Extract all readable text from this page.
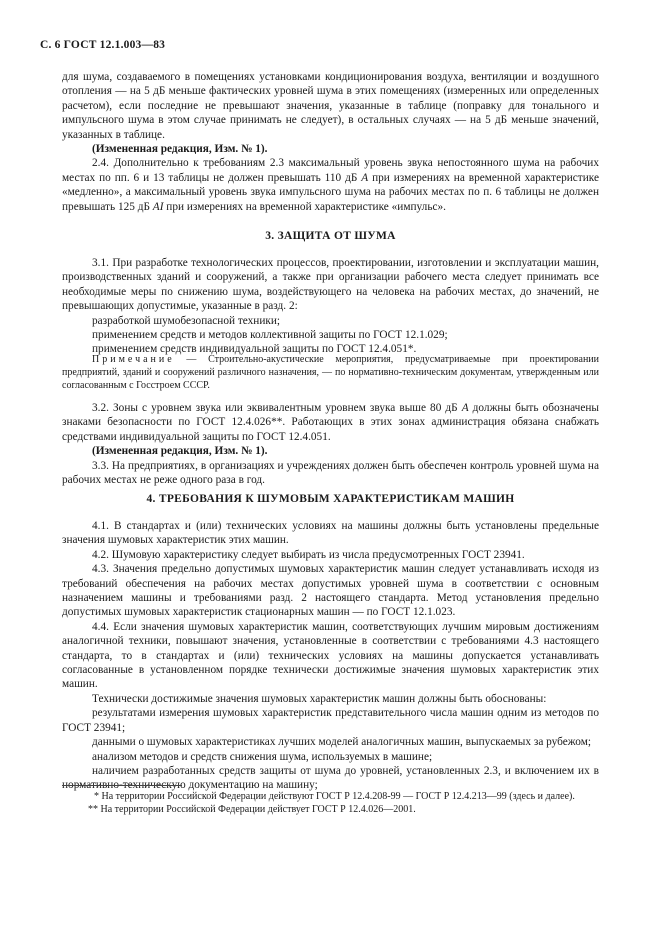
С. 6 ГОСТ 12.1.003—83

для шума, создаваемого в помещениях установками кондиционирования воздуха, вентиляции и воздушного отопления — на 5 дБ меньше фактических уровней шума в этих помещениях (измеренных или определенных расчетом), если последние не превышают значения, указанные в таблице (поправку для тонального и импульсного шума в этом случае принимать не следует), в остальных случаях — на 5 дБ меньше значений, указанных в таблице.

(Измененная редакция, Изм. № 1).

2.4. Дополнительно к требованиям 2.3 максимальный уровень звука непостоянного шума на рабочих местах по пп. 6 и 13 таблицы не должен превышать 110 дБ А при измерениях на временной характеристике «медленно», а максимальный уровень звука импульсного шума на рабочих местах по п. 6 таблицы не должен превышать 125 дБ AI при измерениях на временной характеристике «импульс».

3. ЗАЩИТА ОТ ШУМА

3.1. При разработке технологических процессов, проектировании, изготовлении и эксплуатации машин, производственных зданий и сооружений, а также при организации рабочего места следует принимать все необходимые меры по снижению шума, воздействующего на человека на рабочих местах, до значений, не превышающих допустимые, указанные в разд. 2:

разработкой шумобезопасной техники;

применением средств и методов коллективной защиты по ГОСТ 12.1.029;

применением средств индивидуальной защиты по ГОСТ 12.4.051*.

Примечание — Строительно-акустические мероприятия, предусматриваемые при проектировании предприятий, зданий и сооружений различного назначения, — по нормативно-техническим документам, утвержденным или согласованным с Госстроем СССР.

3.2. Зоны с уровнем звука или эквивалентным уровнем звука выше 80 дБ А должны быть обозначены знаками безопасности по ГОСТ 12.4.026**. Работающих в этих зонах администрация обязана снабжать средствами индивидуальной защиты по ГОСТ 12.4.051.

(Измененная редакция, Изм. № 1).

3.3. На предприятиях, в организациях и учреждениях должен быть обеспечен контроль уровней шума на рабочих местах не реже одного раза в год.

4. ТРЕБОВАНИЯ К ШУМОВЫМ ХАРАКТЕРИСТИКАМ МАШИН

4.1. В стандартах и (или) технических условиях на машины должны быть установлены предельные значения шумовых характеристик этих машин.

4.2. Шумовую характеристику следует выбирать из числа предусмотренных ГОСТ 23941.

4.3. Значения предельно допустимых шумовых характеристик машин следует устанавливать исходя из требований обеспечения на рабочих местах допустимых уровней шума в соответствии с основным назначением машины и требованиями разд. 2 настоящего стандарта. Метод установления предельно допустимых шумовых характеристик стационарных машин — по ГОСТ 12.1.023.

4.4. Если значения шумовых характеристик машин, соответствующих лучшим мировым достижениям аналогичной техники, повышают значения, установленные в соответствии с требованиями 4.3 настоящего стандарта, то в стандартах и (или) технических условиях на машины допускается устанавливать согласованные в установленном порядке технически достижимые значения шумовых характеристик этих машин.

Технически достижимые значения шумовых характеристик машин должны быть обоснованы:

результатами измерения шумовых характеристик представительного числа машин одним из методов по ГОСТ 23941;

данными о шумовых характеристиках лучших моделей аналогичных машин, выпускаемых за рубежом;

анализом методов и средств снижения шума, используемых в машине;

наличием разработанных средств защиты от шума до уровней, установленных 2.3, и включением их в нормативно-техническую документацию на машину;

* На территории Российской Федерации действуют ГОСТ Р 12.4.208-99 — ГОСТ Р 12.4.213—99 (здесь и далее).
** На территории Российской Федерации действует ГОСТ Р 12.4.026—2001.
